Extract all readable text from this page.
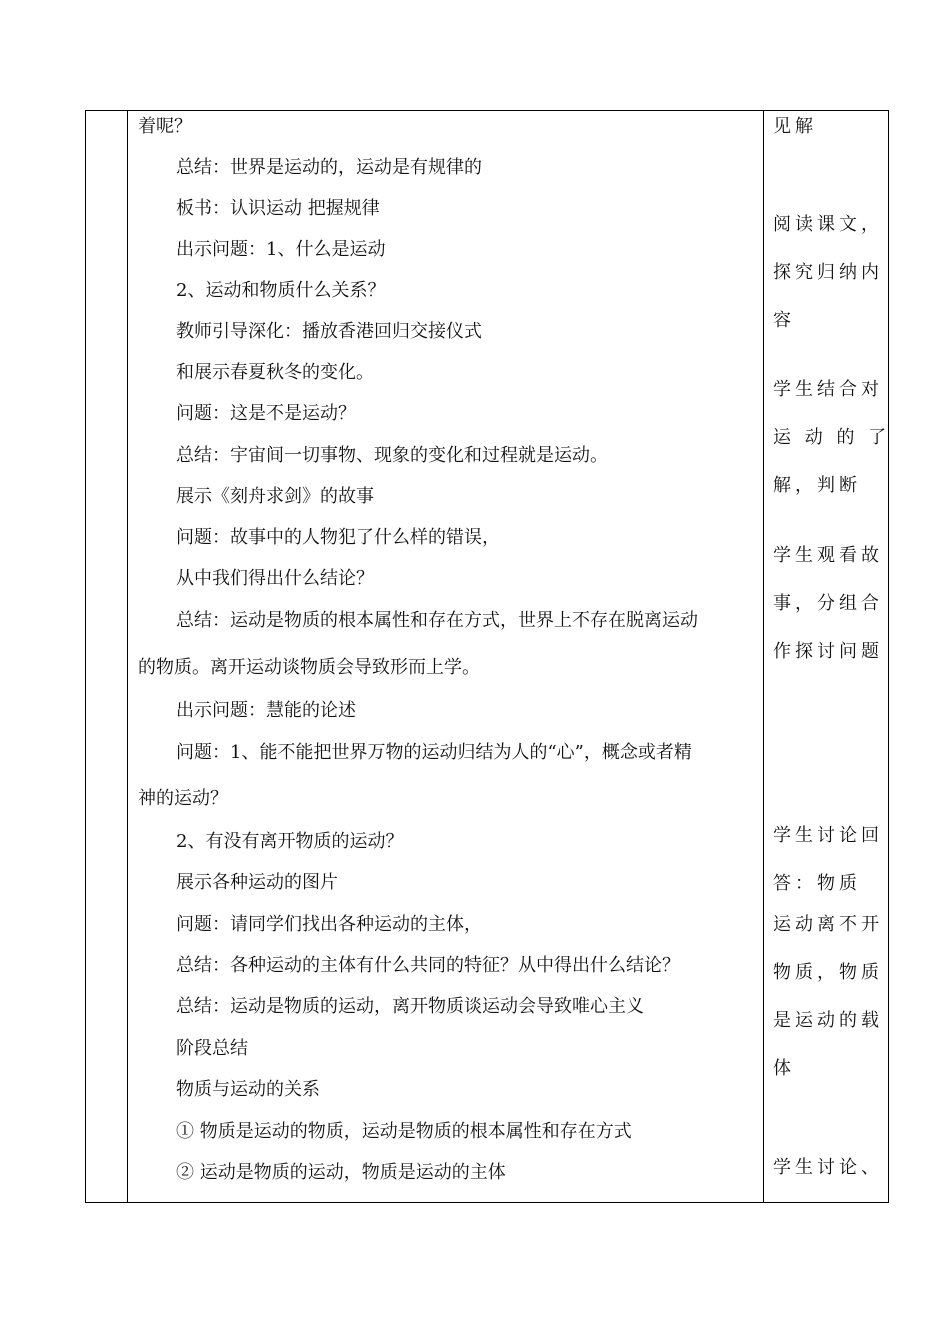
着呢？
总结：世界是运动的，运动是有规律的
板书：认识运动 把握规律
出示问题：1、什么是运动
2、运动和物质什么关系？
教师引导深化：播放香港回归交接仪式
和展示春夏秋冬的变化。
问题：这是不是运动？
总结：宇宙间一切事物、现象的变化和过程就是运动。
展示《刻舟求剑》的故事
问题：故事中的人物犯了什么样的错误，
从中我们得出什么结论？
总结：运动是物质的根本属性和存在方式，世界上不存在脱离运动
的物质。离开运动谈物质会导致形而上学。
出示问题：慧能的论述
问题：1、能不能把世界万物的运动归结为人的“心”，概念或者精
神的运动？
2、有没有离开物质的运动？
展示各种运动的图片
问题：请同学们找出各种运动的主体，
总结：各种运动的主体有什么共同的特征？从中得出什么结论？
总结：运动是物质的运动，离开物质谈运动会导致唯心主义
阶段总结
物质与运动的关系
① 物质是运动的物质，运动是物质的根本属性和存在方式
② 运动是物质的运动，物质是运动的主体
见解
阅读课文，
探究归纳内
容
学生结合对
运 动 的 了
解，判断
学生观看故
事，分组合
作探讨问题
学生讨论回
答：物质
运动离不开
物质，物质
是运动的载
体
学生讨论、
